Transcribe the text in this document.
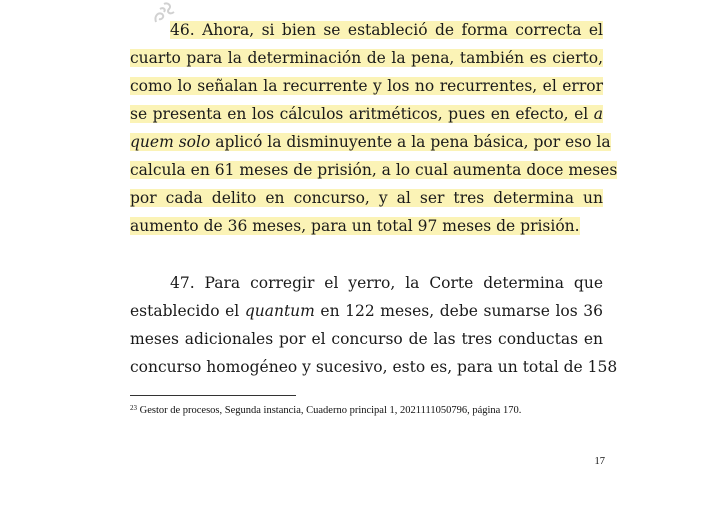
46. Ahora, si bien se estableció de forma correcta el
cuarto para la determinación de la pena, también es cierto,
como lo señalan la recurrente y los no recurrentes, el error
se presenta en los cálculos aritméticos, pues en efecto, el a
quem solo aplicó la disminuyente a la pena básica, por eso la
calcula en 61 meses de prisión, a lo cual aumenta doce meses
por cada delito en concurso, y al ser tres determina un
aumento de 36 meses, para un total 97 meses de prisión.
47. Para corregir el yerro, la Corte determina que
establecido el quantum en 122 meses, debe sumarse los 36
meses adicionales por el concurso de las tres conductas en
concurso homogéneo y sucesivo, esto es, para un total de 158
$^{23}$ Gestor de procesos, Segunda instancia, Cuaderno principal 1, 2021111050796, página 170.
17
